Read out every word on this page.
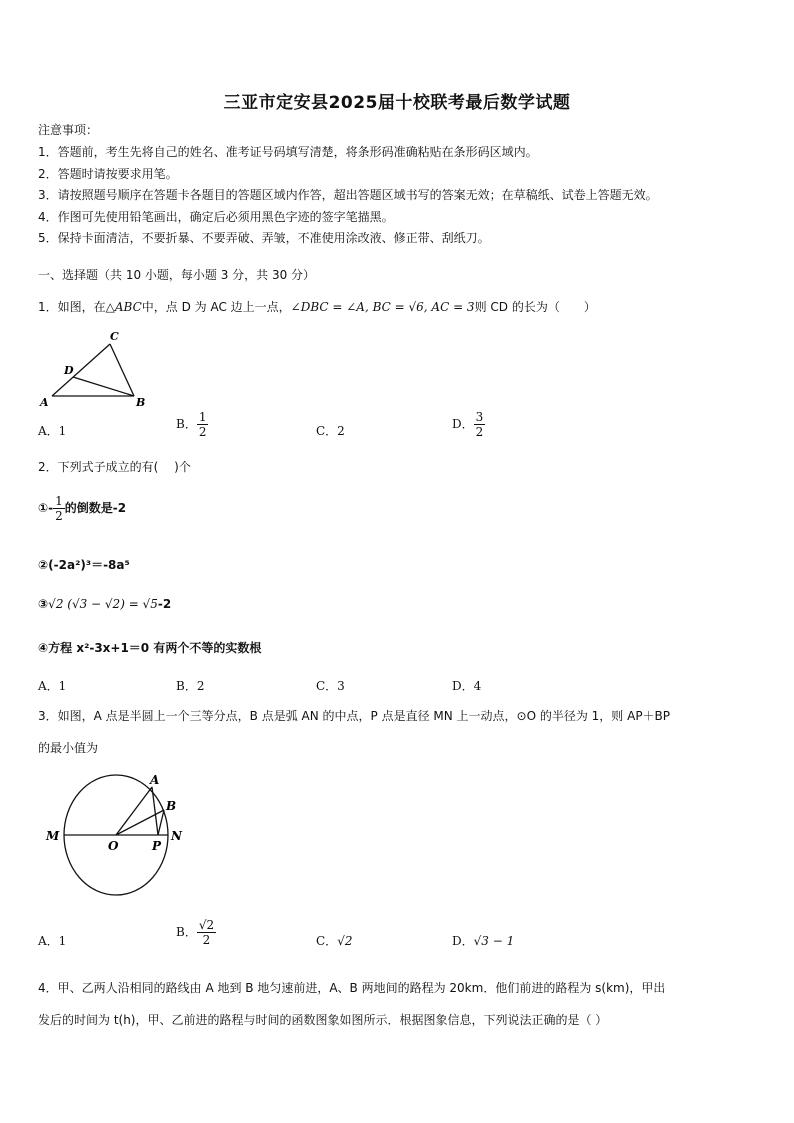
三亚市定安县2025届十校联考最后数学试题
注意事项：
1．答题前，考生先将自己的姓名、准考证号码填写清楚，将条形码准确粘贴在条形码区域内。
2．答题时请按要求用笔。
3．请按照题号顺序在答题卡各题目的答题区域内作答，超出答题区域书写的答案无效；在草稿纸、试卷上答题无效。
4．作图可先使用铅笔画出，确定后必须用黑色字迹的签字笔描黑。
5．保持卡面清洁，不要折暴、不要弄破、弄皱，不准使用涂改液、修正带、刮纸刀。
一、选择题（共 10 小题，每小题 3 分，共 30 分）
1．如图，在△ABC中，点 D 为 AC 边上一点，∠DBC = ∠A, BC = √6, AC = 3则 CD 的长为（　　）
C
D
A	B
A．1	B． $\frac{1}{2}$	C．2	D． $\frac{3}{2}$
2．下列式子成立的有(　 )个
①- $\frac{1}{2}$ 的倒数是-2
②(-2a²)³＝-8a⁵
③√2 (√3 − √2) = √5-2
④方程 x²-3x+1＝0 有两个不等的实数根
A．1	B．2	C．3	D．4
3．如图，A 点是半圆上一个三等分点，B 点是弧 AN 的中点，P 点是直径 MN 上一动点，⊙O 的半径为 1，则 AP＋BP
的最小值为
A
B
M
O	P
N
A．1
B． $\frac{√2}{2}$	C．√2	D．√3 − 1
4．甲、乙两人沿相同的路线由 A 地到 B 地匀速前进，A、B 两地间的路程为 20km．他们前进的路程为 s(km)，甲出
发后的时间为 t(h)，甲、乙前进的路程与时间的函数图象如图所示．根据图象信息，下列说法正确的是（ ）
